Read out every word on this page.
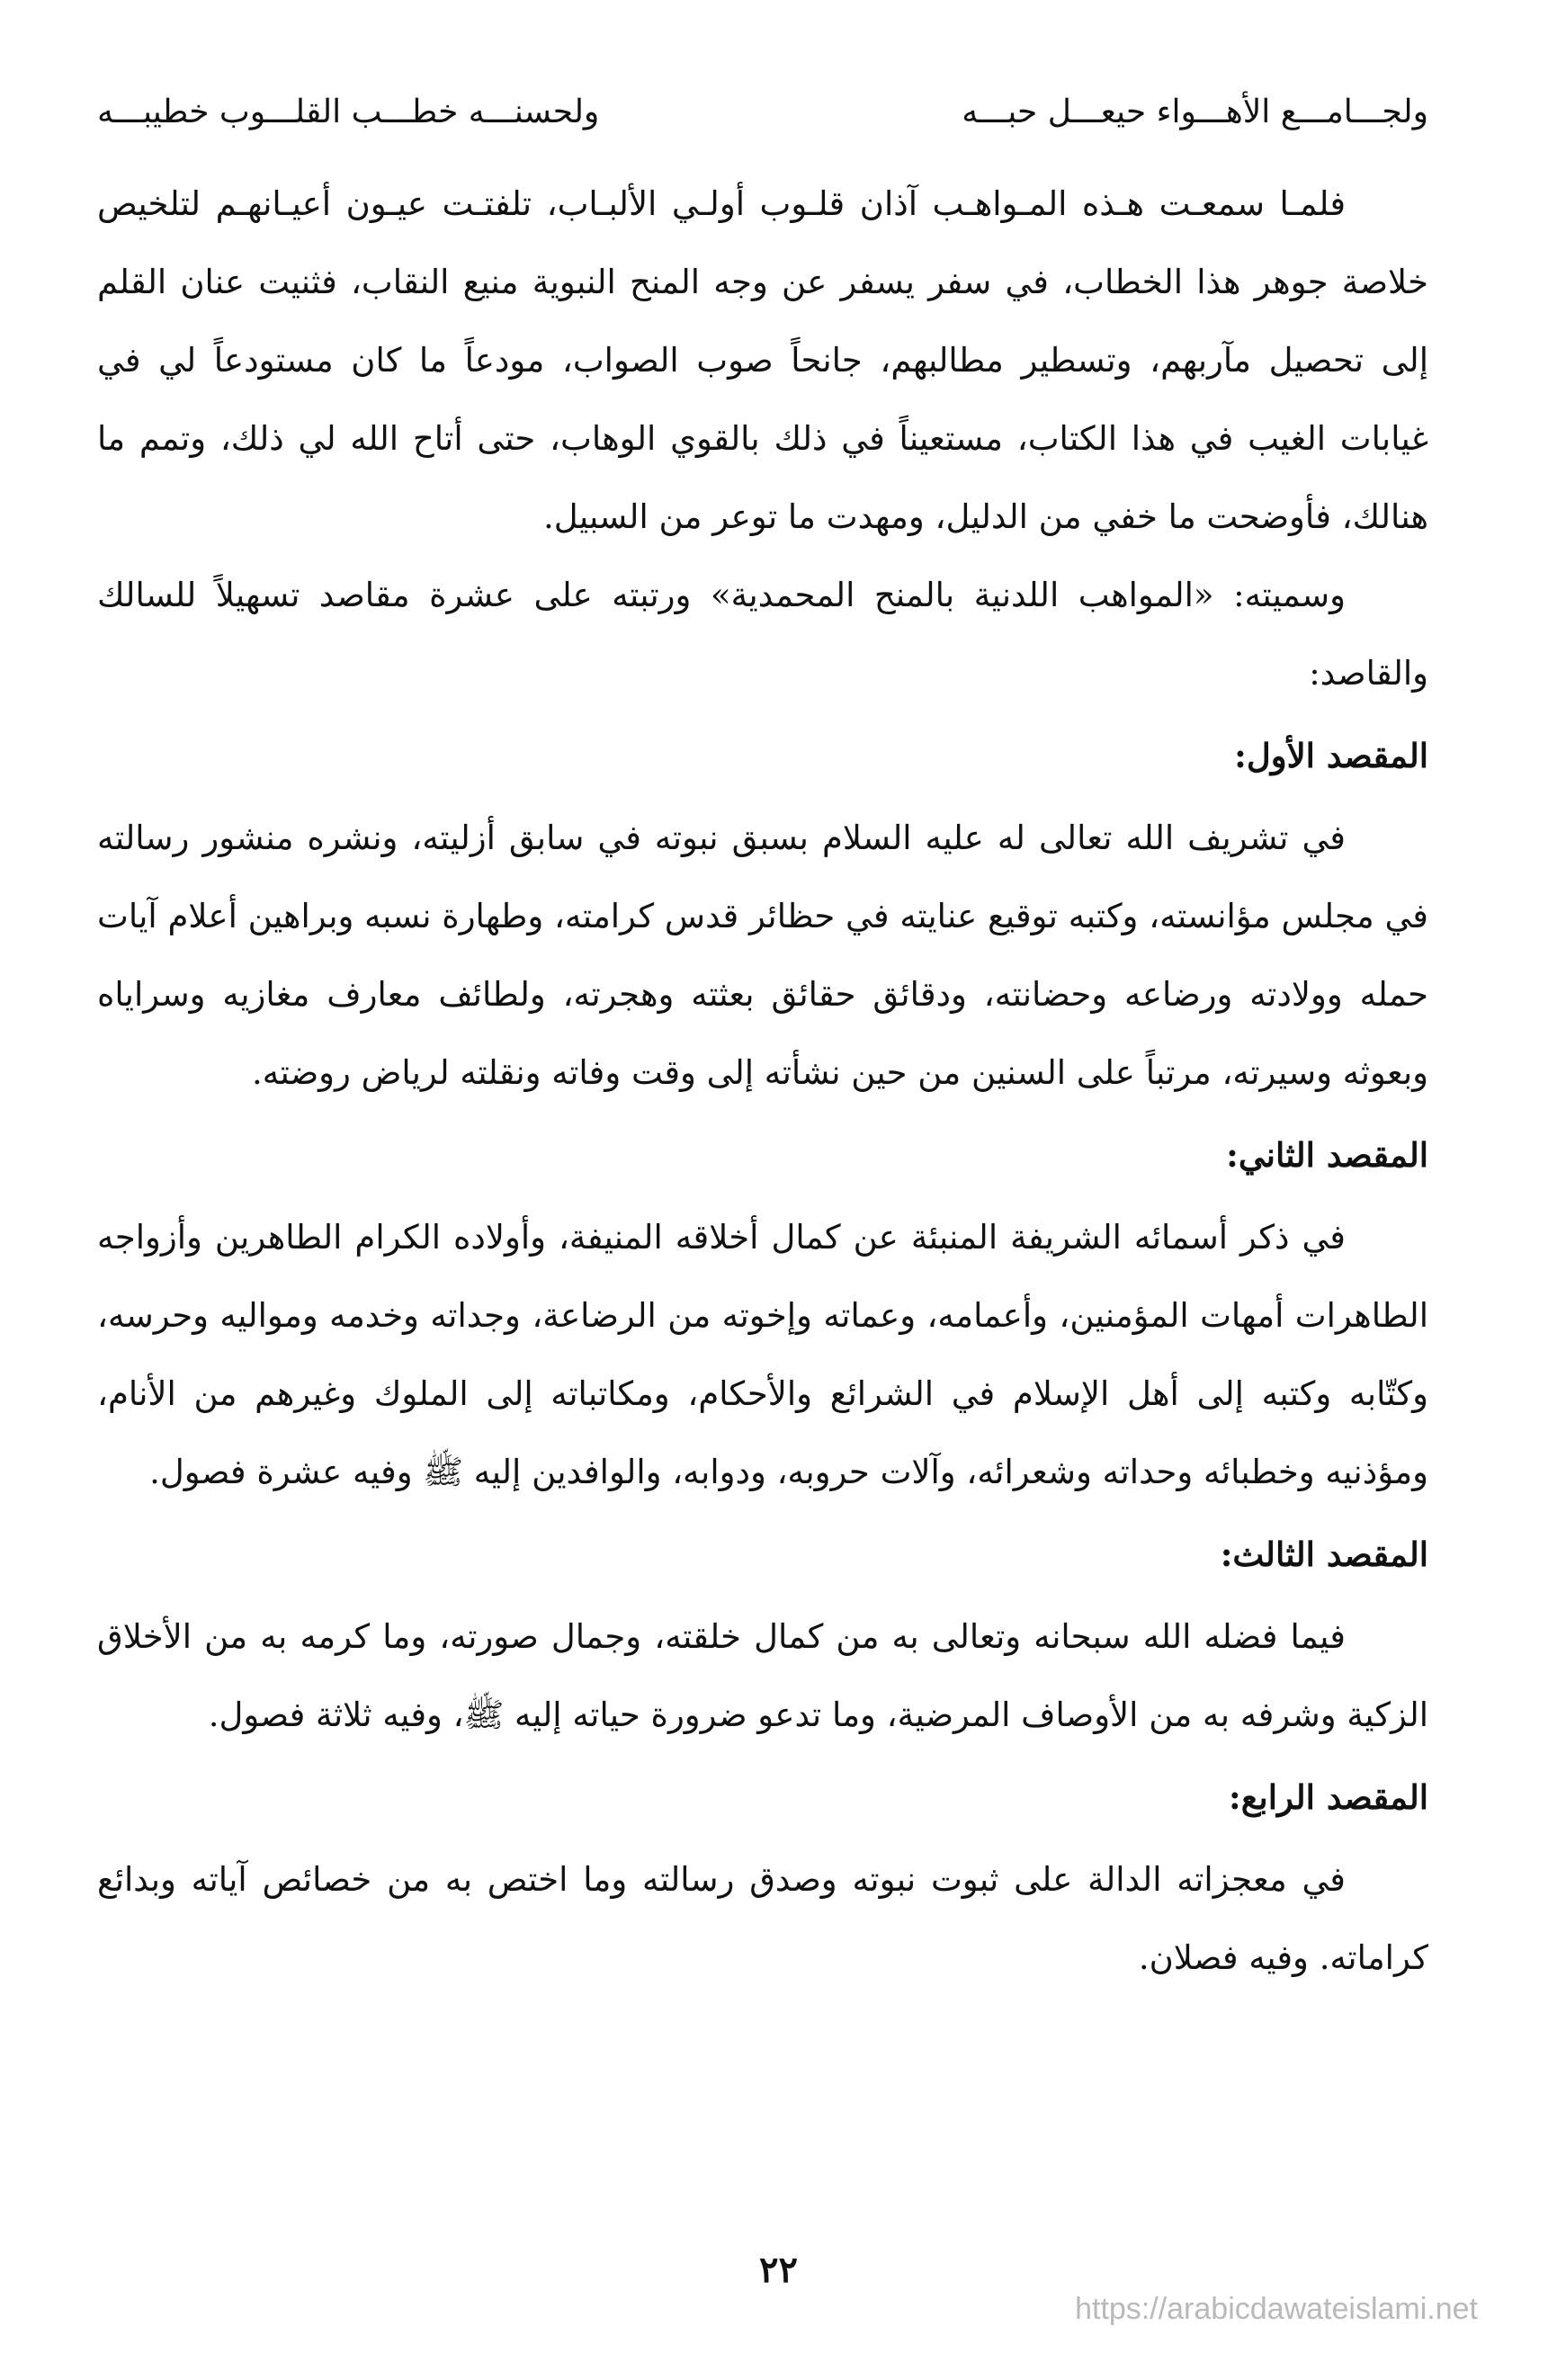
ولجـــامـــع الأهـــواء حيعـــل حبـــه
ولحسنـــه خطـــب القلـــوب خطيبـــه

فلمـا سمعـت هـذه المـواهـب آذان قلـوب أولـي الألبـاب، تلفتـت عيـون أعيـانهـم لتلخيص خلاصة جوهر هذا الخطاب، في سفر يسفر عن وجه المنح النبوية منيع النقاب، فثنيت عنان القلم إلى تحصيل مآربهم، وتسطير مطالبهم، جانحاً صوب الصواب، مودعاً ما كان مستودعاً لي في غيابات الغيب في هذا الكتاب، مستعيناً في ذلك بالقوي الوهاب، حتى أتاح الله لي ذلك، وتمم ما هنالك، فأوضحت ما خفي من الدليل، ومهدت ما توعر من السبيل.

وسميته: «المواهب اللدنية بالمنح المحمدية» ورتبته على عشرة مقاصد تسهيلاً للسالك والقاصد:

المقصد الأول:

في تشريف الله تعالى له عليه السلام بسبق نبوته في سابق أزليته، ونشره منشور رسالته في مجلس مؤانسته، وكتبه توقيع عنايته في حظائر قدس كرامته، وطهارة نسبه وبراهين أعلام آيات حمله وولادته ورضاعه وحضانته، ودقائق حقائق بعثته وهجرته، ولطائف معارف مغازيه وسراياه وبعوثه وسيرته، مرتباً على السنين من حين نشأته إلى وقت وفاته ونقلته لرياض روضته.

المقصد الثاني:

في ذكر أسمائه الشريفة المنبئة عن كمال أخلاقه المنيفة، وأولاده الكرام الطاهرين وأزواجه الطاهرات أمهات المؤمنين، وأعمامه، وعماته وإخوته من الرضاعة، وجداته وخدمه ومواليه وحرسه، وكتّابه وكتبه إلى أهل الإسلام في الشرائع والأحكام، ومكاتباته إلى الملوك وغيرهم من الأنام، ومؤذنيه وخطبائه وحداته وشعرائه، وآلات حروبه، ودوابه، والوافدين إليه ﷺ وفيه عشرة فصول.

المقصد الثالث:

فيما فضله الله سبحانه وتعالى به من كمال خلقته، وجمال صورته، وما كرمه به من الأخلاق الزكية وشرفه به من الأوصاف المرضية، وما تدعو ضرورة حياته إليه ﷺ، وفيه ثلاثة فصول.

المقصد الرابع:

في معجزاته الدالة على ثبوت نبوته وصدق رسالته وما اختص به من خصائص آياته وبدائع كراماته. وفيه فصلان.

٢٢
https://arabicdawateislami.net
